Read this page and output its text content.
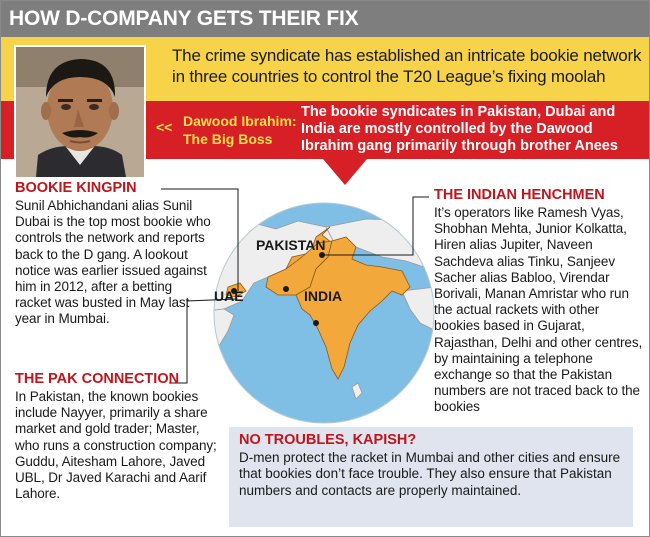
HOW D-COMPANY GETS THEIR FIX
The crime syndicate has established an intricate bookie network in three countries to control the T20 League’s fixing moolah
<< Dawood Ibrahim:
The Big Boss
The bookie syndicates in Pakistan, Dubai and India are mostly controlled by the Dawood Ibrahim gang primarily through brother Anees
PAKISTAN
INDIA
UAE
BOOKIE KINGPIN
Sunil Abhichandani alias Sunil Dubai is the top most bookie who controls the network and reports back to the D gang. A lookout notice was earlier issued against him in 2012, after a betting racket was busted in May last year in Mumbai.
THE PAK CONNECTION
In Pakistan, the known bookies include Nayyer, primarily a share market and gold trader; Master, who runs a construction company; Guddu, Aitesham Lahore, Javed UBL, Dr Javed Karachi and Aarif Lahore.
THE INDIAN HENCHMEN
It’s operators like Ramesh Vyas, Shobhan Mehta, Junior Kolkatta, Hiren alias Jupiter, Naveen Sachdeva alias Tinku, Sanjeev Sacher alias Babloo, Virendar Borivali, Manan Amristar who run the actual rackets with other bookies based in Gujarat, Rajasthan, Delhi and other centres, by maintaining a telephone exchange so that the Pakistan numbers are not traced back to the bookies
NO TROUBLES, KAPISH?
D-men protect the racket in Mumbai and other cities and ensure that bookies don’t face trouble. They also ensure that Pakistan numbers and contacts are properly maintained.
